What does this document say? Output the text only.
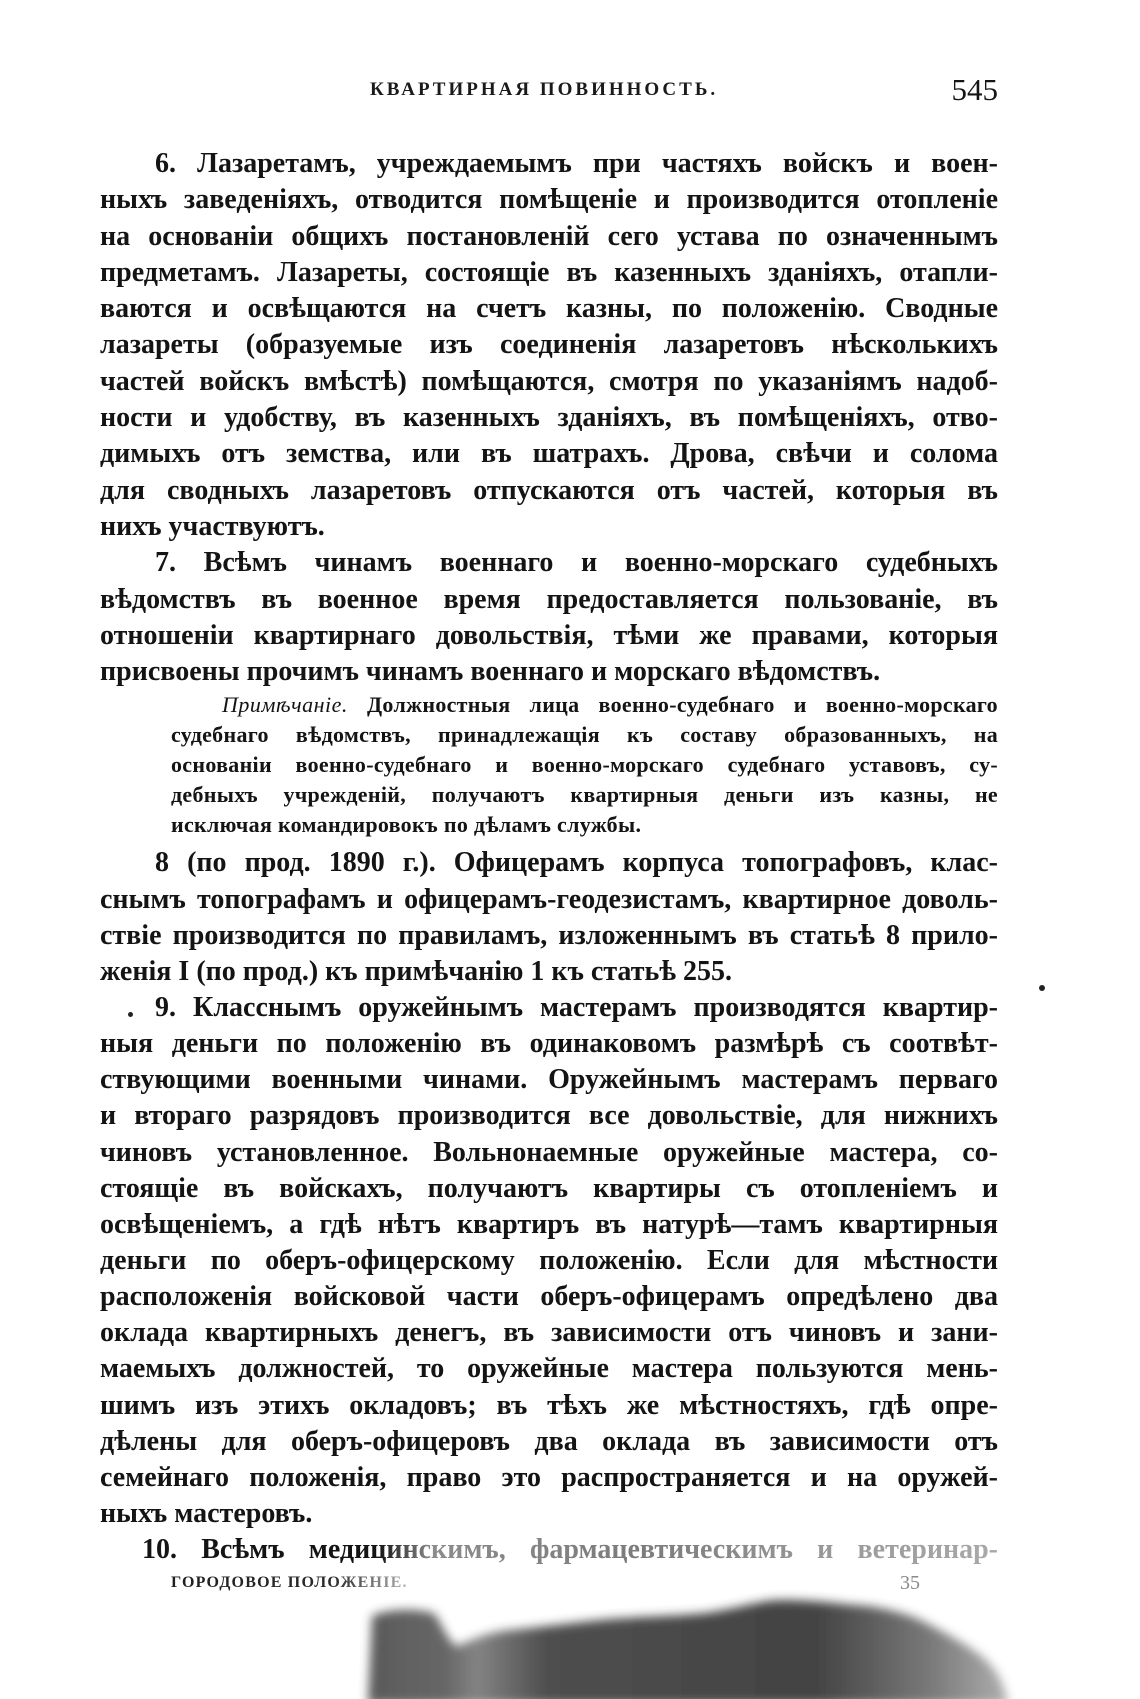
КВАРТИРНАЯ ПОВИННОСТЬ.	545
6. Лазаретамъ, учреждаемымъ при частяхъ войскъ и воен-
ныхъ заведеніяхъ, отводится помѣщеніе и производится отопленіе
на основаніи общихъ постановленій сего устава по означеннымъ
предметамъ. Лазареты, состоящіе въ казенныхъ зданіяхъ, отапли-
ваются и освѣщаются на счетъ казны, по положенію. Сводные
лазареты (образуемые изъ соединенія лазаретовъ нѣсколькихъ
частей войскъ вмѣстѣ) помѣщаются, смотря по указаніямъ надоб-
ности и удобству, въ казенныхъ зданіяхъ, въ помѣщеніяхъ, отво-
димыхъ отъ земства, или въ шатрахъ. Дрова, свѣчи и солома
для сводныхъ лазаретовъ отпускаются отъ частей, которыя въ
нихъ участвуютъ.
7. Всѣмъ чинамъ военнаго и военно-морскаго судебныхъ
вѣдомствъ въ военное время предоставляется пользованіе, въ
отношеніи квартирнаго довольствія, тѣми же правами, которыя
присвоены прочимъ чинамъ военнаго и морскаго вѣдомствъ.
Примѣчаніе. Должностныя лица военно-судебнаго и военно-морскаго
судебнаго вѣдомствъ, принадлежащія къ составу образованныхъ, на
основаніи военно-судебнаго и военно-морскаго судебнаго уставовъ, су-
дебныхъ учрежденій, получаютъ квартирныя деньги изъ казны, не
исключая командировокъ по дѣламъ службы.
8 (по прод. 1890 г.). Офицерамъ корпуса топографовъ, клас-
снымъ топографамъ и офицерамъ-геодезистамъ, квартирное доволь-
ствіе производится по правиламъ, изложеннымъ въ статьѣ 8 прило-
женія I (по прод.) къ примѣчанію 1 къ статьѣ 255.
9. Класснымъ оружейнымъ мастерамъ производятся квартир-
ныя деньги по положенію въ одинаковомъ размѣрѣ съ соотвѣт-
ствующими военными чинами. Оружейнымъ мастерамъ перваго
и втораго разрядовъ производится все довольствіе, для нижнихъ
чиновъ установленное. Вольнонаемные оружейные мастера, со-
стоящіе въ войскахъ, получаютъ квартиры съ отопленіемъ и
освѣщеніемъ, а гдѣ нѣтъ квартиръ въ натурѣ—тамъ квартирныя
деньги по оберъ-офицерскому положенію. Если для мѣстности
расположенія войсковой части оберъ-офицерамъ опредѣлено два
оклада квартирныхъ денегъ, въ зависимости отъ чиновъ и зани-
маемыхъ должностей, то оружейные мастера пользуются мень-
шимъ изъ этихъ окладовъ; въ тѣхъ же мѣстностяхъ, гдѣ опре-
дѣлены для оберъ-офицеровъ два оклада въ зависимости отъ
семейнаго положенія, право это распространяется и на оружей-
ныхъ мастеровъ.
10. Всѣмъ медицинскимъ, фармацевтическимъ и ветеринар-
ГОРОДОВОЕ ПОЛОЖЕНІЕ.	35
